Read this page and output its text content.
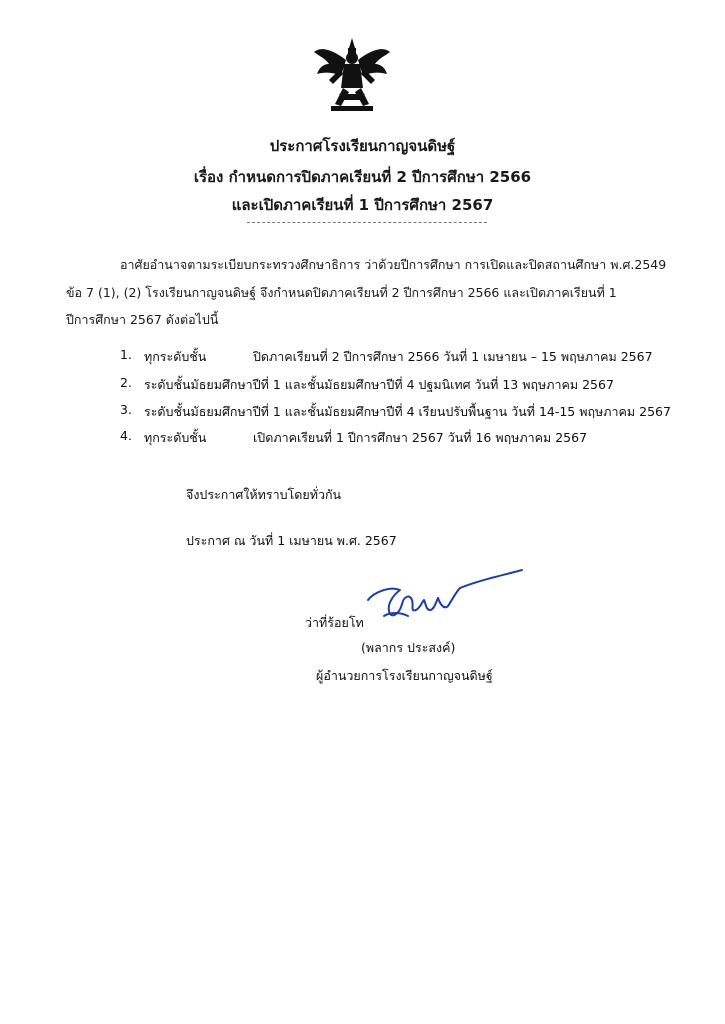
ประกาศโรงเรียนกาญจนดิษฐ์
เรื่อง กำหนดการปิดภาคเรียนที่ 2 ปีการศึกษา 2566
และเปิดภาคเรียนที่ 1 ปีการศึกษา 2567
อาศัยอำนาจตามระเบียบกระทรวงศึกษาธิการ ว่าด้วยปีการศึกษา การเปิดและปิดสถานศึกษา พ.ศ.2549
ข้อ 7 (1), (2) โรงเรียนกาญจนดิษฐ์ จึงกำหนดปิดภาคเรียนที่ 2 ปีการศึกษา 2566 และเปิดภาคเรียนที่ 1
ปีการศึกษา 2567 ดังต่อไปนี้
1. ทุกระดับชั้น	ปิดภาคเรียนที่ 2 ปีการศึกษา 2566 วันที่ 1 เมษายน – 15 พฤษภาคม 2567
2. ระดับชั้นมัธยมศึกษาปีที่ 1 และชั้นมัธยมศึกษาปีที่ 4 ปฐมนิเทศ วันที่ 13 พฤษภาคม 2567
3. ระดับชั้นมัธยมศึกษาปีที่ 1 และชั้นมัธยมศึกษาปีที่ 4 เรียนปรับพื้นฐาน วันที่ 14-15 พฤษภาคม 2567
4. ทุกระดับชั้น	เปิดภาคเรียนที่ 1 ปีการศึกษา 2567 วันที่ 16 พฤษภาคม 2567
จึงประกาศให้ทราบโดยทั่วกัน
ประกาศ ณ วันที่ 1 เมษายน พ.ศ. 2567
ว่าที่ร้อยโท
(พลากร ประสงค์)
ผู้อำนวยการโรงเรียนกาญจนดิษฐ์
